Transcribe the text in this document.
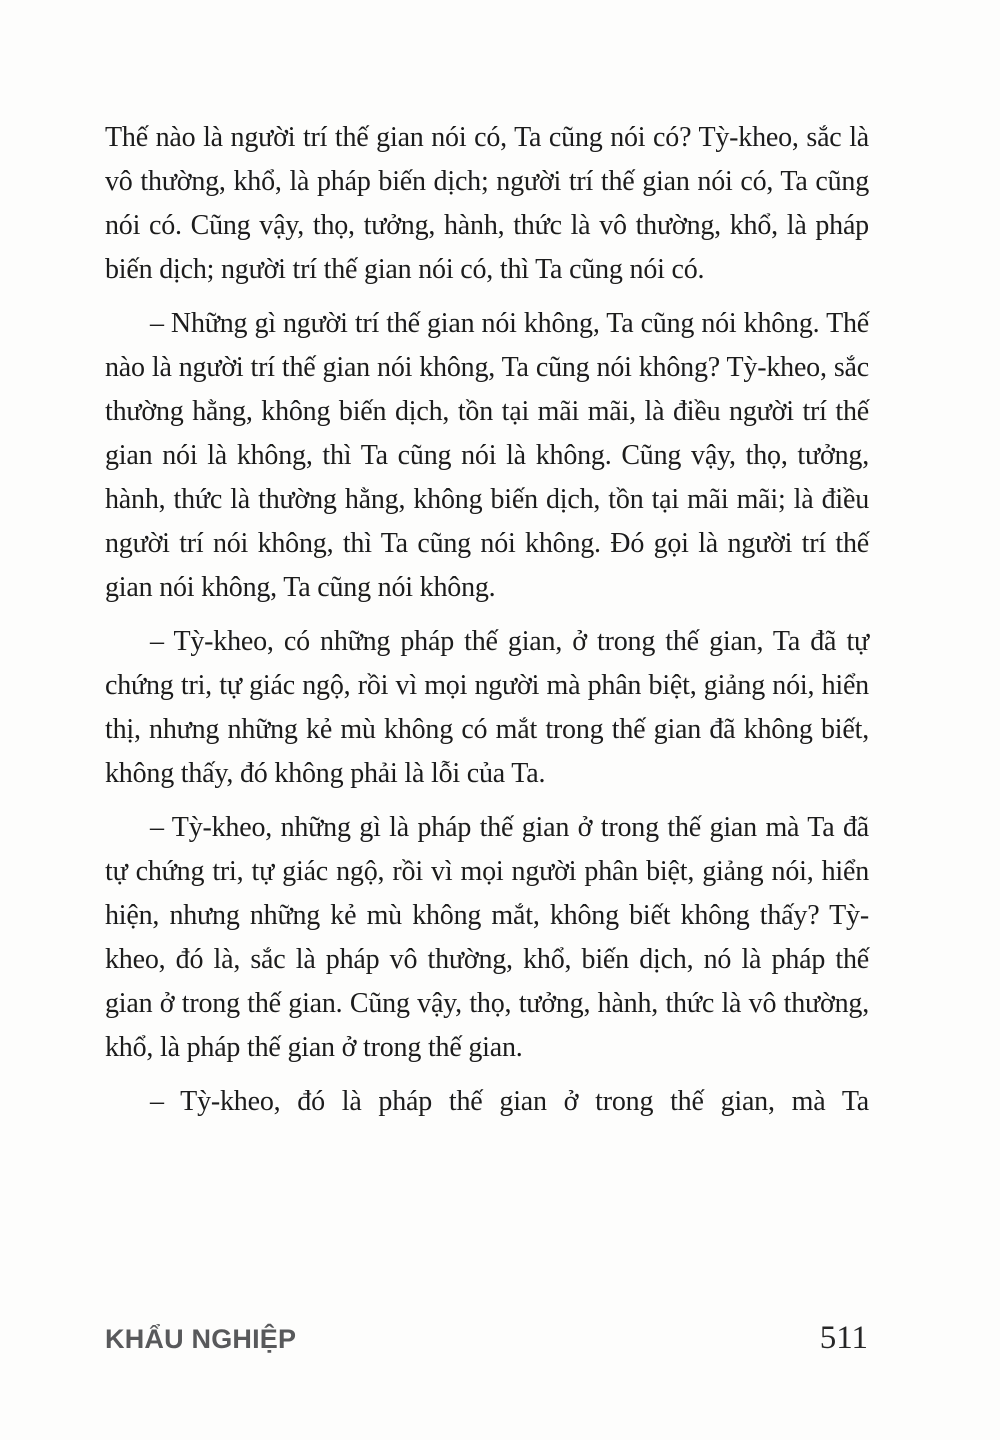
Thế nào là người trí thế gian nói có, Ta cũng nói có? Tỳ-kheo, sắc là vô thường, khổ, là pháp biến dịch; người trí thế gian nói có, Ta cũng nói có. Cũng vậy, thọ, tưởng, hành, thức là vô thường, khổ, là pháp biến dịch; người trí thế gian nói có, thì Ta cũng nói có.

– Những gì người trí thế gian nói không, Ta cũng nói không. Thế nào là người trí thế gian nói không, Ta cũng nói không? Tỳ-kheo, sắc thường hằng, không biến dịch, tồn tại mãi mãi, là điều người trí thế gian nói là không, thì Ta cũng nói là không. Cũng vậy, thọ, tưởng, hành, thức là thường hằng, không biến dịch, tồn tại mãi mãi; là điều người trí nói không, thì Ta cũng nói không. Đó gọi là người trí thế gian nói không, Ta cũng nói không.

– Tỳ-kheo, có những pháp thế gian, ở trong thế gian, Ta đã tự chứng tri, tự giác ngộ, rồi vì mọi người mà phân biệt, giảng nói, hiển thị, nhưng những kẻ mù không có mắt trong thế gian đã không biết, không thấy, đó không phải là lỗi của Ta.

– Tỳ-kheo, những gì là pháp thế gian ở trong thế gian mà Ta đã tự chứng tri, tự giác ngộ, rồi vì mọi người phân biệt, giảng nói, hiển hiện, nhưng những kẻ mù không mắt, không biết không thấy? Tỳ-kheo, đó là, sắc là pháp vô thường, khổ, biến dịch, nó là pháp thế gian ở trong thế gian. Cũng vậy, thọ, tưởng, hành, thức là vô thường, khổ, là pháp thế gian ở trong thế gian.

– Tỳ-kheo, đó là pháp thế gian ở trong thế gian, mà Ta

KHẨU NGHIỆP	511
